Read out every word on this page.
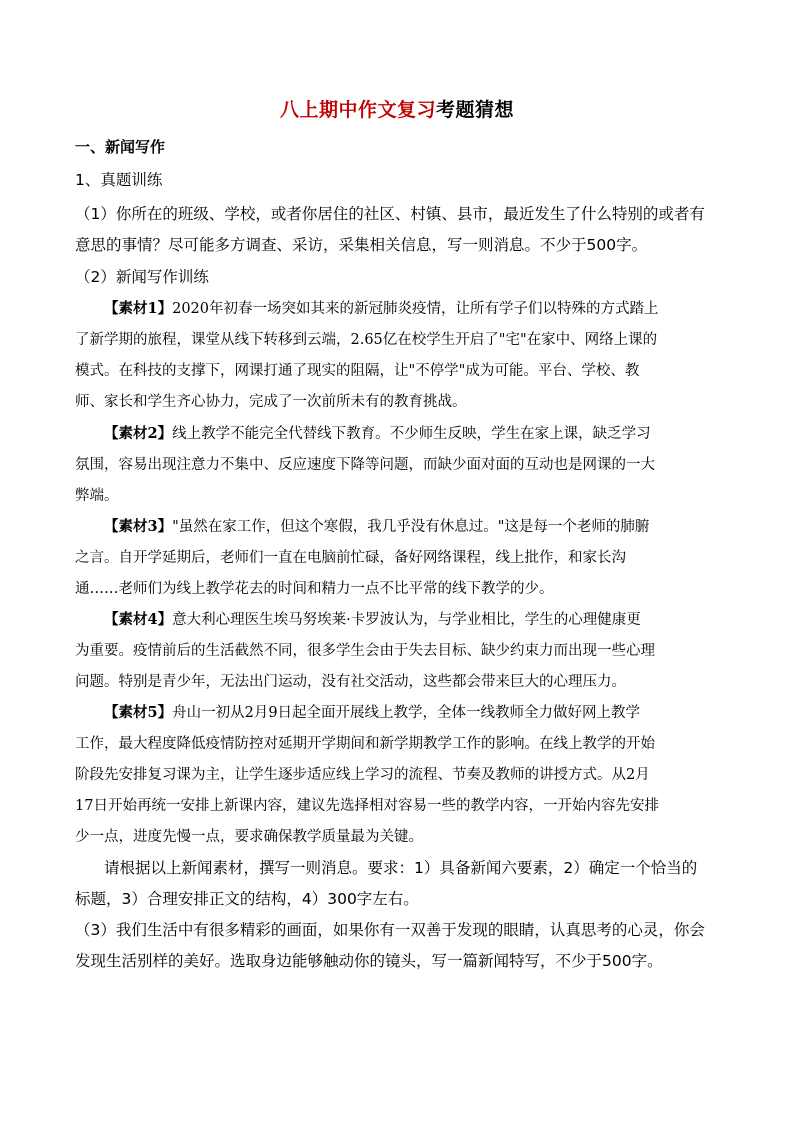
八上期中作文复习考题猜想
一、新闻写作
1、真题训练
（1）你所在的班级、学校，或者你居住的社区、村镇、县市，最近发生了什么特别的或者有
意思的事情？尽可能多方调查、采访，采集相关信息，写一则消息。不少于500字。
（2）新闻写作训练
【素材1】2020年初春一场突如其来的新冠肺炎疫情，让所有学子们以特殊的方式踏上
了新学期的旅程，课堂从线下转移到云端，2.65亿在校学生开启了"宅"在家中、网络上课的
模式。在科技的支撑下，网课打通了现实的阻隔，让"不停学"成为可能。平台、学校、教
师、家长和学生齐心协力，完成了一次前所未有的教育挑战。
【素材2】线上教学不能完全代替线下教育。不少师生反映，学生在家上课，缺乏学习
氛围，容易出现注意力不集中、反应速度下降等问题，而缺少面对面的互动也是网课的一大
弊端。
【素材3】"虽然在家工作，但这个寒假，我几乎没有休息过。"这是每一个老师的肺腑
之言。自开学延期后，老师们一直在电脑前忙碌，备好网络课程，线上批作，和家长沟
通……老师们为线上教学花去的时间和精力一点不比平常的线下教学的少。
【素材4】意大利心理医生埃马努埃莱·卡罗波认为，与学业相比，学生的心理健康更
为重要。疫情前后的生活截然不同，很多学生会由于失去目标、缺少约束力而出现一些心理
问题。特别是青少年，无法出门运动，没有社交活动，这些都会带来巨大的心理压力。
【素材5】舟山一初从2月9日起全面开展线上教学，全体一线教师全力做好网上教学
工作，最大程度降低疫情防控对延期开学期间和新学期教学工作的影响。在线上教学的开始
阶段先安排复习课为主，让学生逐步适应线上学习的流程、节奏及教师的讲授方式。从2月
17日开始再统一安排上新课内容，建议先选择相对容易一些的教学内容，一开始内容先安排
少一点，进度先慢一点，要求确保教学质量最为关键。
请根据以上新闻素材，撰写一则消息。要求：1）具备新闻六要素，2）确定一个恰当的
标题，3）合理安排正文的结构，4）300字左右。
（3）我们生活中有很多精彩的画面，如果你有一双善于发现的眼睛，认真思考的心灵，你会
发现生活别样的美好。选取身边能够触动你的镜头，写一篇新闻特写，不少于500字。
